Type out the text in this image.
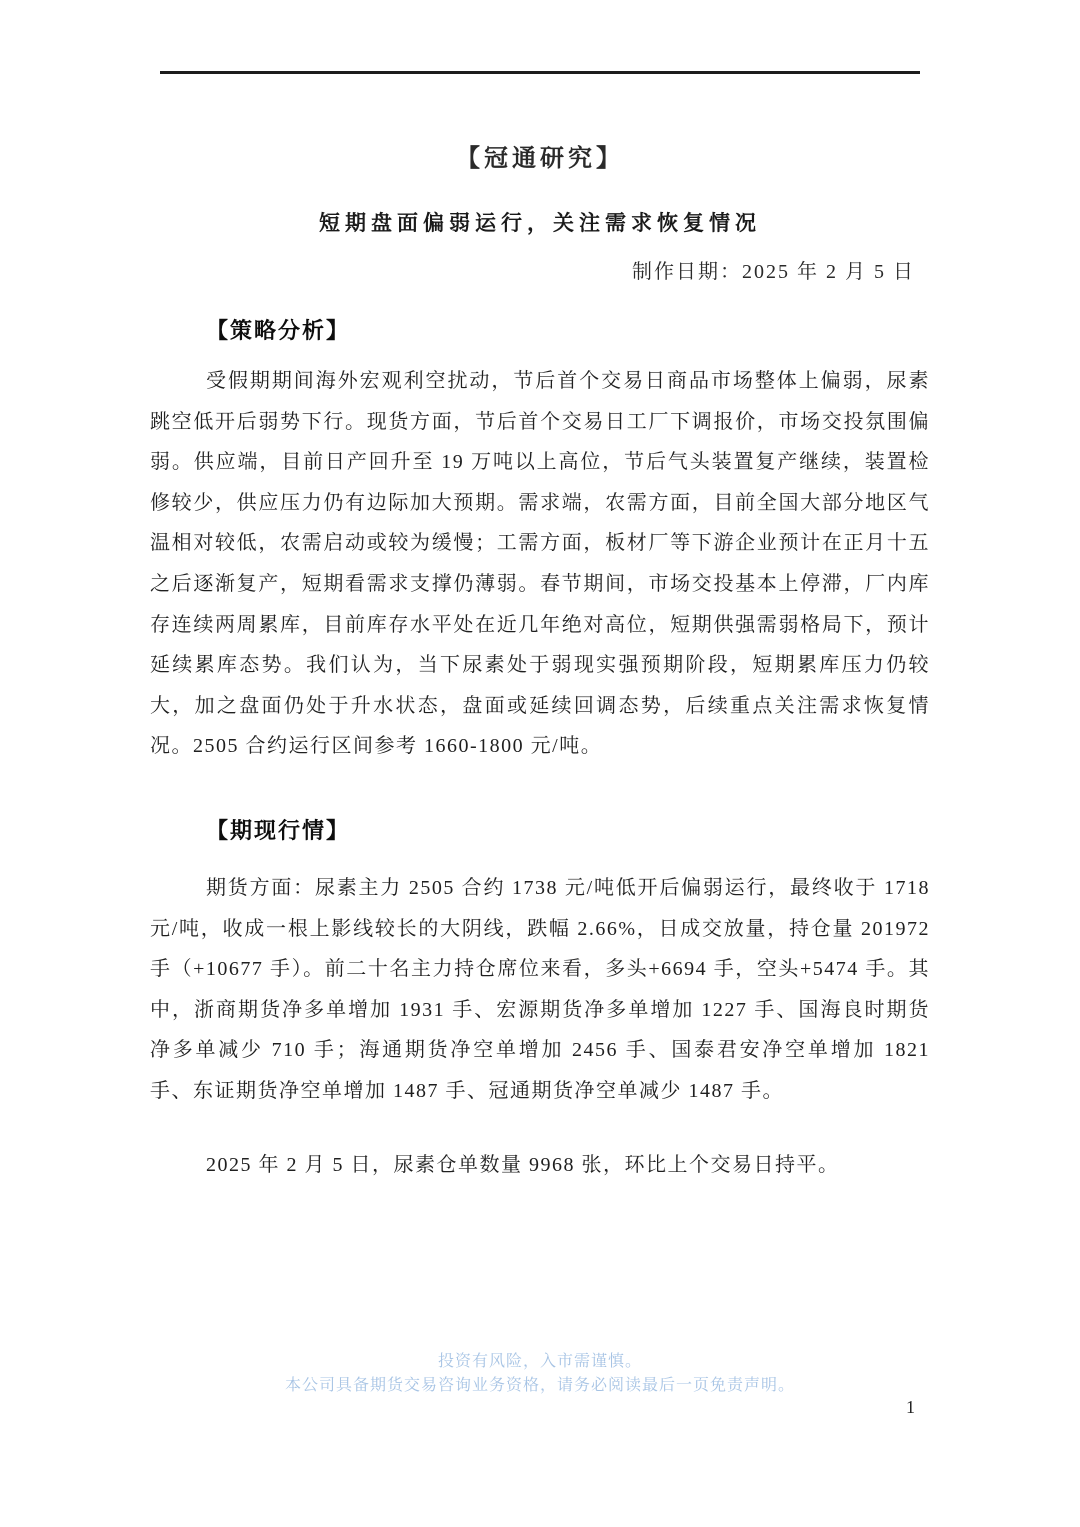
【冠通研究】
短期盘面偏弱运行，关注需求恢复情况
制作日期：2025 年 2 月 5 日
【策略分析】

受假期期间海外宏观利空扰动，节后首个交易日商品市场整体上偏弱，尿素跳空低开后弱势下行。现货方面，节后首个交易日工厂下调报价，市场交投氛围偏弱。供应端，目前日产回升至 19 万吨以上高位，节后气头装置复产继续，装置检修较少，供应压力仍有边际加大预期。需求端，农需方面，目前全国大部分地区气温相对较低，农需启动或较为缓慢；工需方面，板材厂等下游企业预计在正月十五之后逐渐复产，短期看需求支撑仍薄弱。春节期间，市场交投基本上停滞，厂内库存连续两周累库，目前库存水平处在近几年绝对高位，短期供强需弱格局下，预计延续累库态势。我们认为，当下尿素处于弱现实强预期阶段，短期累库压力仍较大，加之盘面仍处于升水状态，盘面或延续回调态势，后续重点关注需求恢复情况。2505 合约运行区间参考 1660-1800 元/吨。

【期现行情】

期货方面：尿素主力 2505 合约 1738 元/吨低开后偏弱运行，最终收于 1718 元/吨，收成一根上影线较长的大阴线，跌幅 2.66%，日成交放量，持仓量 201972 手（+10677 手）。前二十名主力持仓席位来看，多头+6694 手，空头+5474 手。其中，浙商期货净多单增加 1931 手、宏源期货净多单增加 1227 手、国海良时期货净多单减少 710 手；海通期货净空单增加 2456 手、国泰君安净空单增加 1821 手、东证期货净空单增加 1487 手、冠通期货净空单减少 1487 手。

2025 年 2 月 5 日，尿素仓单数量 9968 张，环比上个交易日持平。

投资有风险，入市需谨慎。
本公司具备期货交易咨询业务资格，请务必阅读最后一页免责声明。
1
